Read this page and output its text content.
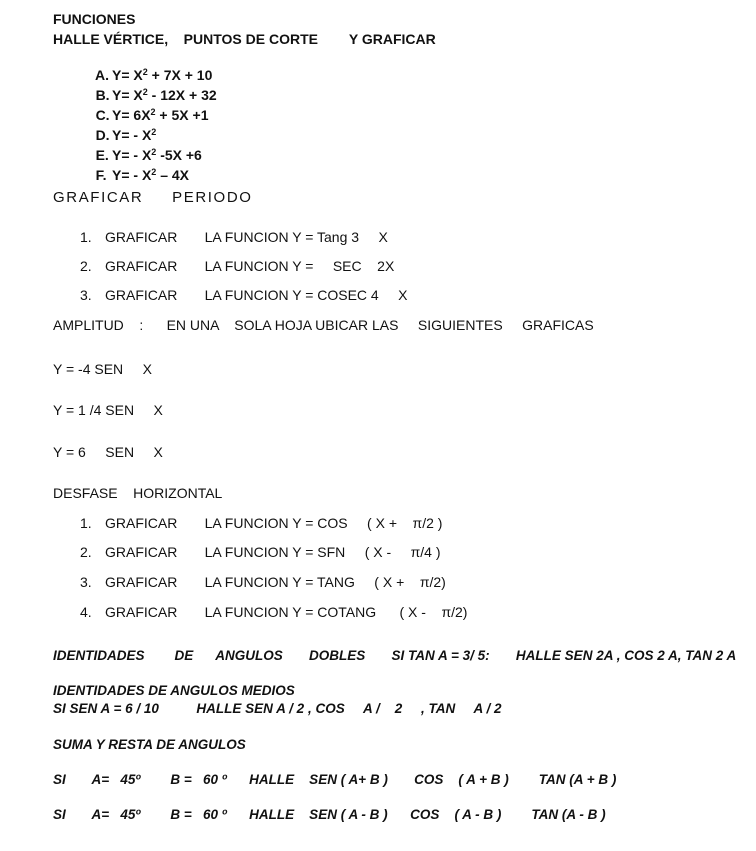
FUNCIONES
HALLE VÉRTICE,    PUNTOS DE CORTE        Y GRAFICAR

A. $Y= X^2 + 7X + 10$

B. $Y= X^2 - 12X + 32$

C. $Y= 6X^2 + 5X +1$

D. $Y= - X^2$

E. $Y= - X^2$ -5X +6

F. $Y= - X^2 - 4X$

GRAFICAR     PERIODO
1. GRAFICAR       LA FUNCION Y = Tang 3     X
2. GRAFICAR       LA FUNCION Y =     SEC    2X
3. GRAFICAR       LA FUNCION Y = COSEC 4     X
AMPLITUD    :      EN UNA    SOLA HOJA UBICAR LAS     SIGUIENTES     GRAFICAS
Y = -4 SEN     X
Y = 1 /4 SEN     X
Y = 6     SEN     X
DESFASE    HORIZONTAL
1. GRAFICAR       LA FUNCION Y = COS     ( X +    π/2 )
2. GRAFICAR       LA FUNCION Y = SFN     ( X -     π/4 )
3. GRAFICAR       LA FUNCION Y = TANG     ( X +    π/2)
4. GRAFICAR       LA FUNCION Y = COTANG      ( X -    π/2)
IDENTIDADES        DE      ANGULOS       DOBLES       SI TAN A = 3/ 5:       HALLE SEN 2A , COS 2 A, TAN 2 A
IDENTIDADES DE ANGULOS MEDIOS
SI SEN A = 6 / 10          HALLE SEN A / 2 , COS     A /    2     , TAN     A / 2
SUMA Y RESTA DE ANGULOS
SI       A=   45º        B =   60 º      HALLE    SEN ( A+ B )       COS    ( A + B )        TAN (A + B )
SI       A=   45º        B =   60 º      HALLE    SEN ( A - B )      COS    ( A - B )        TAN (A - B )
